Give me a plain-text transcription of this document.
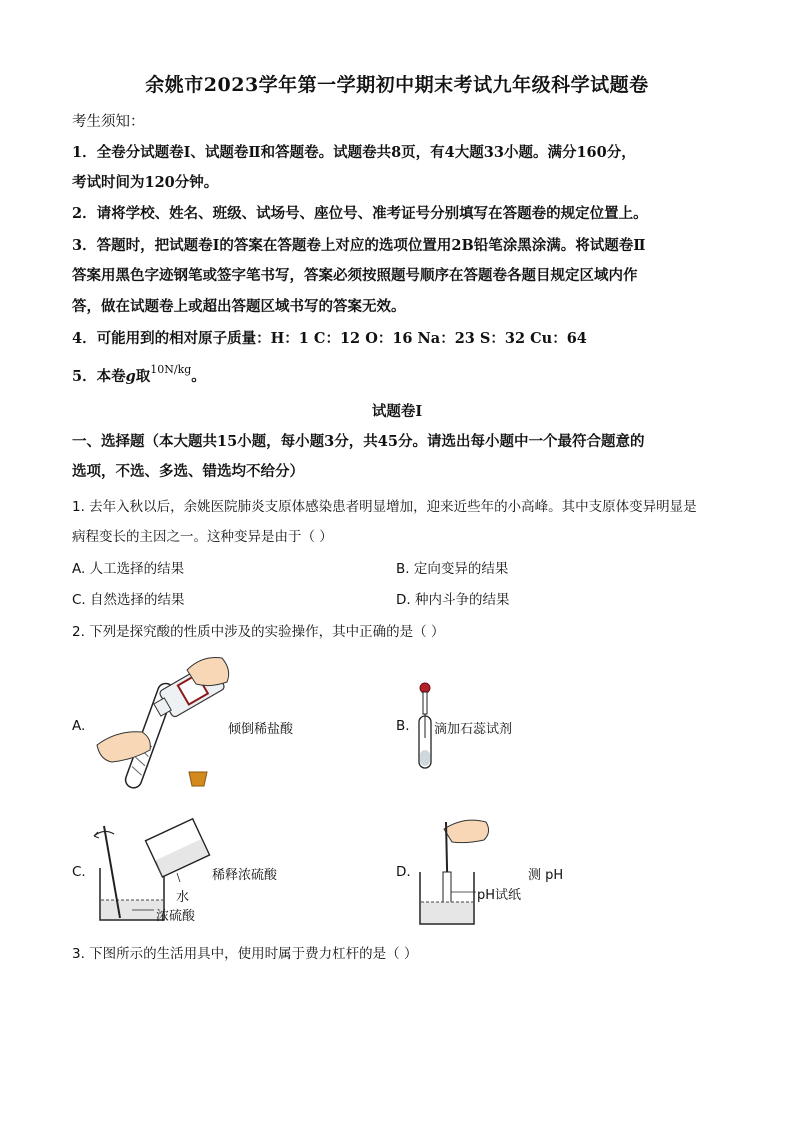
余姚市2023学年第一学期初中期末考试九年级科学试题卷
考生须知：
1．全卷分试题卷Ⅰ、试题卷Ⅱ和答题卷。试题卷共8页，有4大题33小题。满分160分，
考试时间为120分钟。
2．请将学校、姓名、班级、试场号、座位号、准考证号分别填写在答题卷的规定位置上。
3．答题时，把试题卷Ⅰ的答案在答题卷上对应的选项位置用2B铅笔涂黑涂满。将试题卷Ⅱ
答案用黑色字迹钢笔或签字笔书写，答案必须按照题号顺序在答题卷各题目规定区域内作
答，做在试题卷上或超出答题区域书写的答案无效。
4．可能用到的相对原子质量：H：1 C：12 O：16 Na：23 S：32 Cu：64
5．本卷g取$^{10N/kg}$。
试题卷Ⅰ
一、选择题（本大题共15小题，每小题3分，共45分。请选出每小题中一个最符合题意的
选项，不选、多选、错选均不给分）
1. 去年入秋以后，余姚医院肺炎支原体感染患者明显增加，迎来近些年的小高峰。其中支原体变异明显是
病程变长的主因之一。这种变异是由于（ ）
A. 人工选择的结果	B. 定向变异的结果
C. 自然选择的结果	D. 种内斗争的结果
2. 下列是探究酸的性质中涉及的实验操作，其中正确的是（ ）
A.	倾倒稀盐酸	B. 滴加石蕊试剂
C.	稀释浓硫酸
水
浓硫酸
D.	测 pH
pH试纸
3. 下图所示的生活用具中，使用时属于费力杠杆的是（ ）
